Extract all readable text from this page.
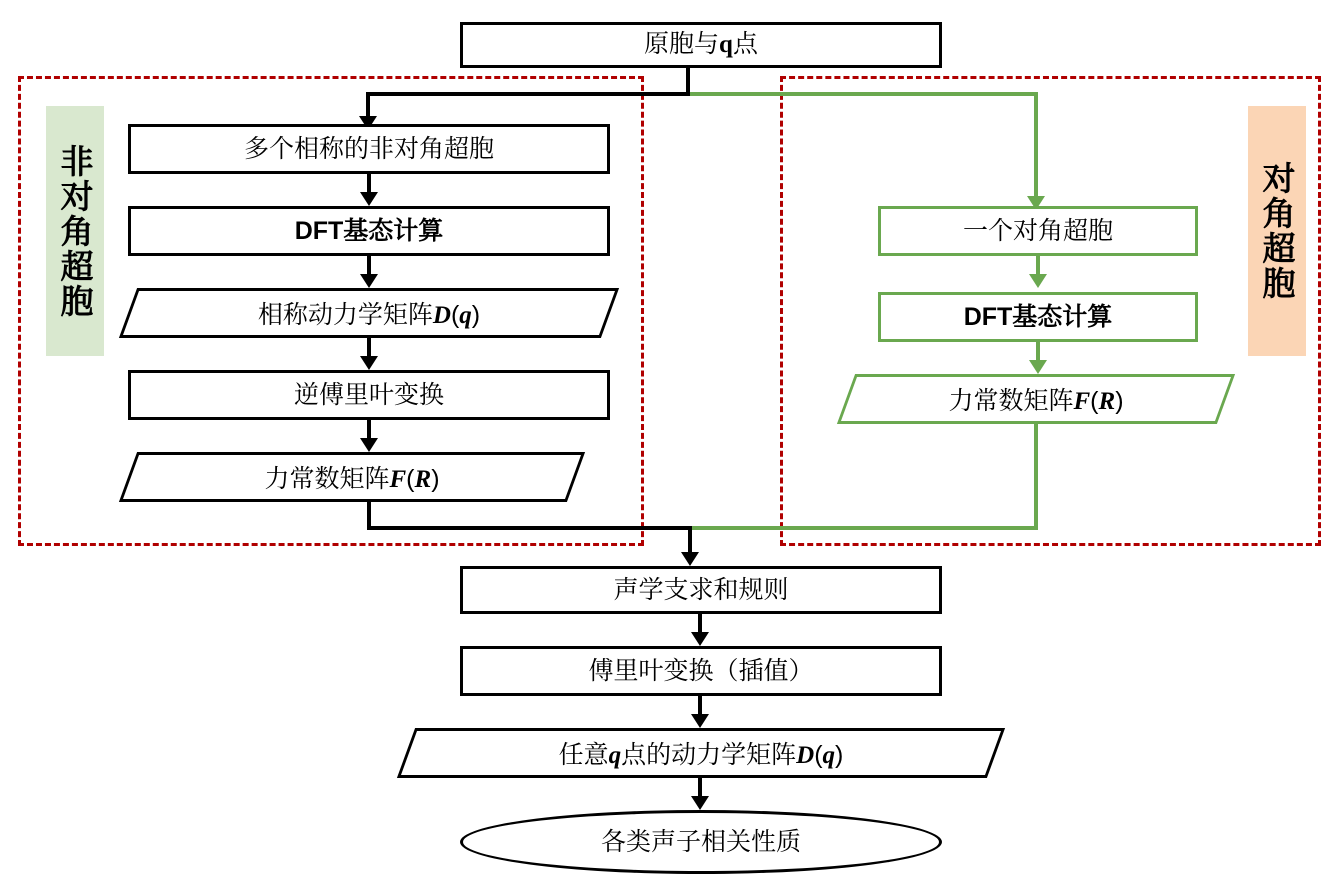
非对角超胞	对角超胞
原胞与q点
多个相称的非对角超胞
DFT基态计算
相称动力学矩阵D(q)
逆傅里叶变换
力常数矩阵F(R)
一个对角超胞
DFT基态计算
力常数矩阵F(R)
声学支求和规则
傅里叶变换（插值）
任意q点的动力学矩阵D(q)
各类声子相关性质
